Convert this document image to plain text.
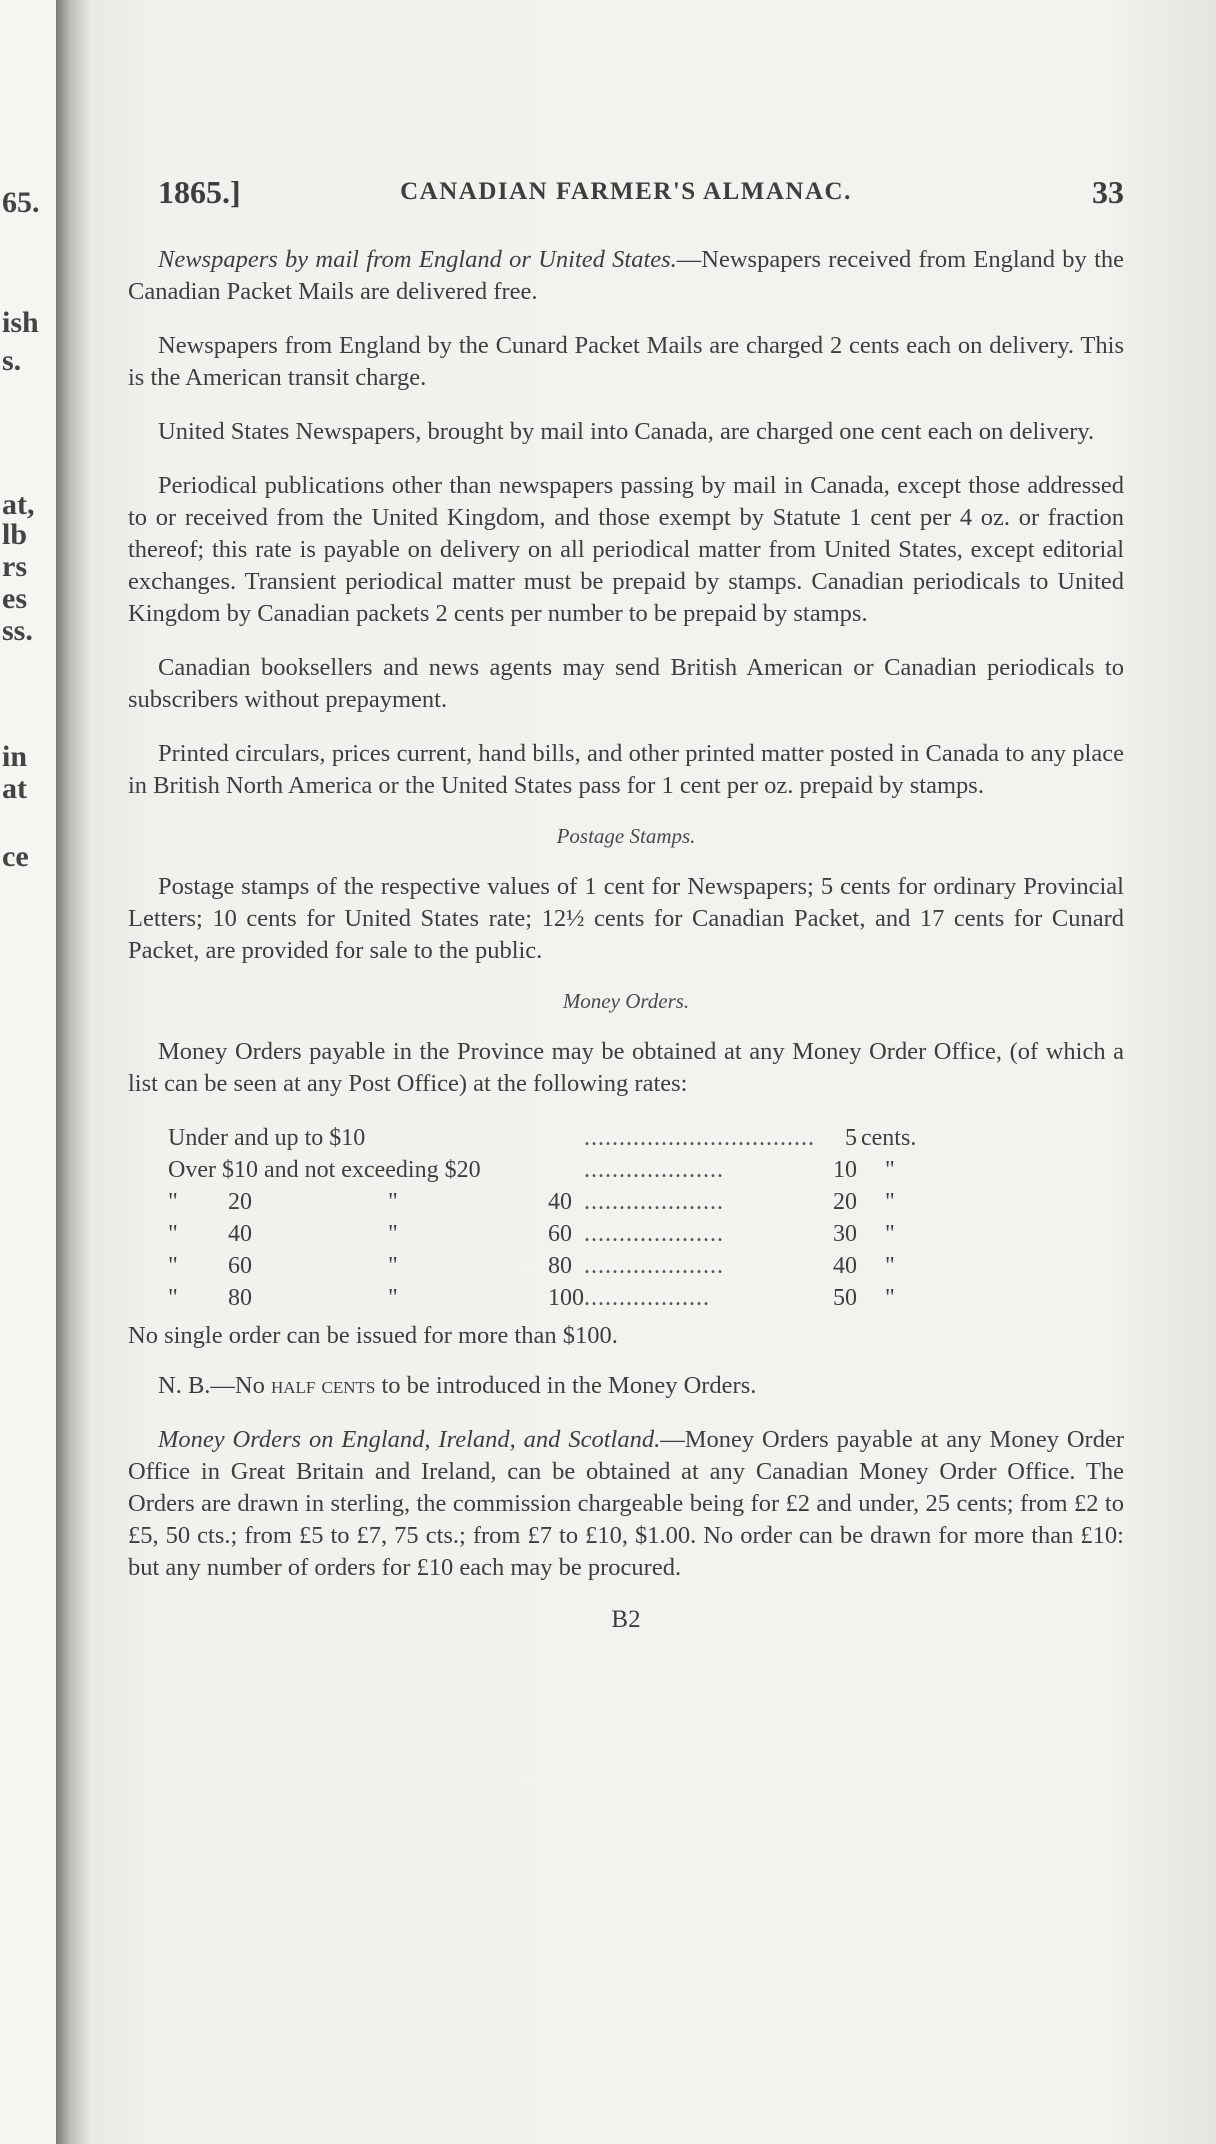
65.
ish
s.
at,
lb
rs
es
ss.
in
at
ce
1865.]	CANADIAN FARMER'S ALMANAC.	33

Newspapers by mail from England or United States.—Newspapers received from England by the Canadian Packet Mails are delivered free.

Newspapers from England by the Cunard Packet Mails are charged 2 cents each on delivery. This is the American transit charge.

United States Newspapers, brought by mail into Canada, are charged one cent each on delivery.

Periodical publications other than newspapers passing by mail in Canada, except those addressed to or received from the United Kingdom, and those exempt by Statute 1 cent per 4 oz. or fraction thereof; this rate is payable on delivery on all periodical matter from United States, except editorial exchanges. Transient periodical matter must be prepaid by stamps. Canadian periodicals to United Kingdom by Canadian packets 2 cents per number to be prepaid by stamps.

Canadian booksellers and news agents may send British American or Canadian periodicals to subscribers without prepayment.

Printed circulars, prices current, hand bills, and other printed matter posted in Canada to any place in British North America or the United States pass for 1 cent per oz. prepaid by stamps.

Postage Stamps.

Postage stamps of the respective values of 1 cent for Newspapers; 5 cents for ordinary Provincial Letters; 10 cents for United States rate; 12½ cents for Canadian Packet, and 17 cents for Cunard Packet, are provided for sale to the public.

Money Orders.

Money Orders payable in the Province may be obtained at any Money Order Office, (of which a list can be seen at any Post Office) at the following rates:

Under and up to $10				.................................	5	cents.
Over $10 and not exceeding $20				....................	10	"
"	20	"	40	....................	20	"
"	40	"	60	....................	30	"
"	60	"	80	....................	40	"
"	80	"	100	..................	50	"

No single order can be issued for more than $100.

N. B.—No half cents to be introduced in the Money Orders.

Money Orders on England, Ireland, and Scotland.—Money Orders payable at any Money Order Office in Great Britain and Ireland, can be obtained at any Canadian Money Order Office. The Orders are drawn in sterling, the commission chargeable being for £2 and under, 25 cents; from £2 to £5, 50 cts.; from £5 to £7, 75 cts.; from £7 to £10, $1.00. No order can be drawn for more than £10: but any number of orders for £10 each may be procured.

B2
